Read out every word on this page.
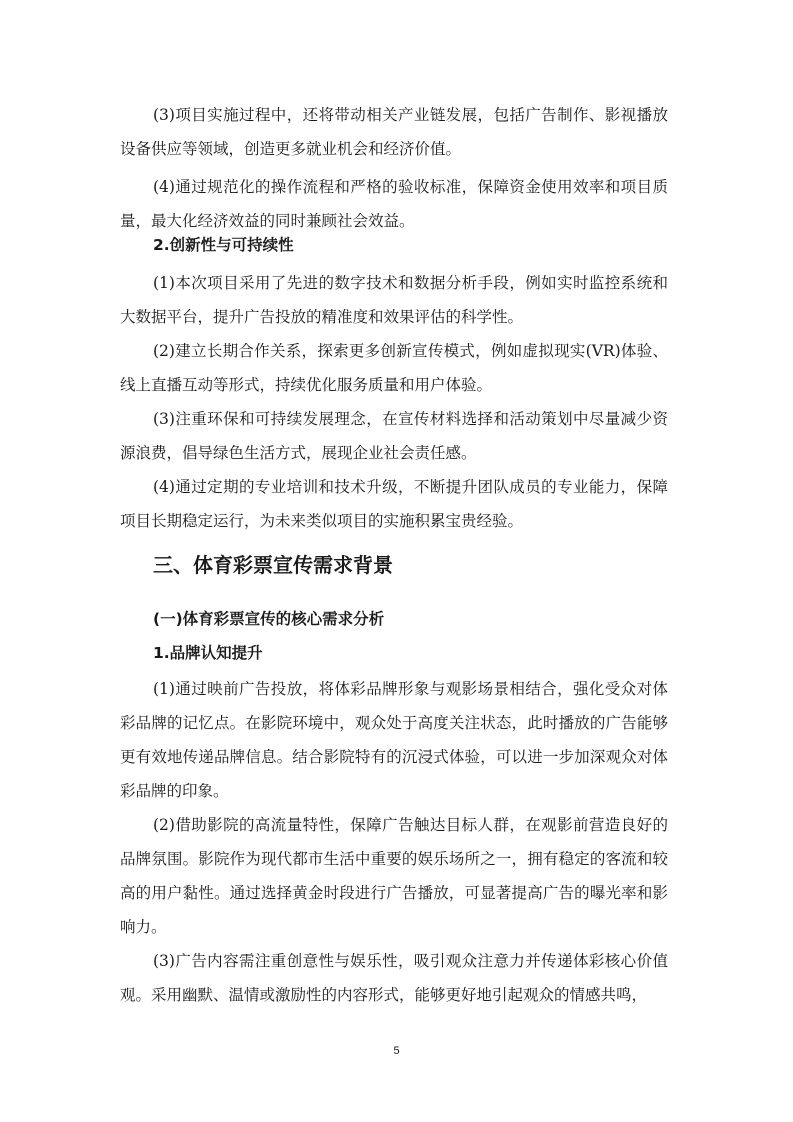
(3)项目实施过程中，还将带动相关产业链发展，包括广告制作、影视播放设备供应等领域，创造更多就业机会和经济价值。

(4)通过规范化的操作流程和严格的验收标准，保障资金使用效率和项目质量，最大化经济效益的同时兼顾社会效益。

2.创新性与可持续性

(1)本次项目采用了先进的数字技术和数据分析手段，例如实时监控系统和大数据平台，提升广告投放的精准度和效果评估的科学性。

(2)建立长期合作关系，探索更多创新宣传模式，例如虚拟现实(VR)体验、线上直播互动等形式，持续优化服务质量和用户体验。

(3)注重环保和可持续发展理念，在宣传材料选择和活动策划中尽量减少资源浪费，倡导绿色生活方式，展现企业社会责任感。

(4)通过定期的专业培训和技术升级，不断提升团队成员的专业能力，保障项目长期稳定运行，为未来类似项目的实施积累宝贵经验。

三、体育彩票宣传需求背景
(一)体育彩票宣传的核心需求分析
1.品牌认知提升

(1)通过映前广告投放，将体彩品牌形象与观影场景相结合，强化受众对体彩品牌的记忆点。在影院环境中，观众处于高度关注状态，此时播放的广告能够更有效地传递品牌信息。结合影院特有的沉浸式体验，可以进一步加深观众对体彩品牌的印象。

(2)借助影院的高流量特性，保障广告触达目标人群，在观影前营造良好的品牌氛围。影院作为现代都市生活中重要的娱乐场所之一，拥有稳定的客流和较高的用户黏性。通过选择黄金时段进行广告播放，可显著提高广告的曝光率和影响力。

(3)广告内容需注重创意性与娱乐性，吸引观众注意力并传递体彩核心价值观。采用幽默、温情或激励性的内容形式，能够更好地引起观众的情感共鸣，

5
